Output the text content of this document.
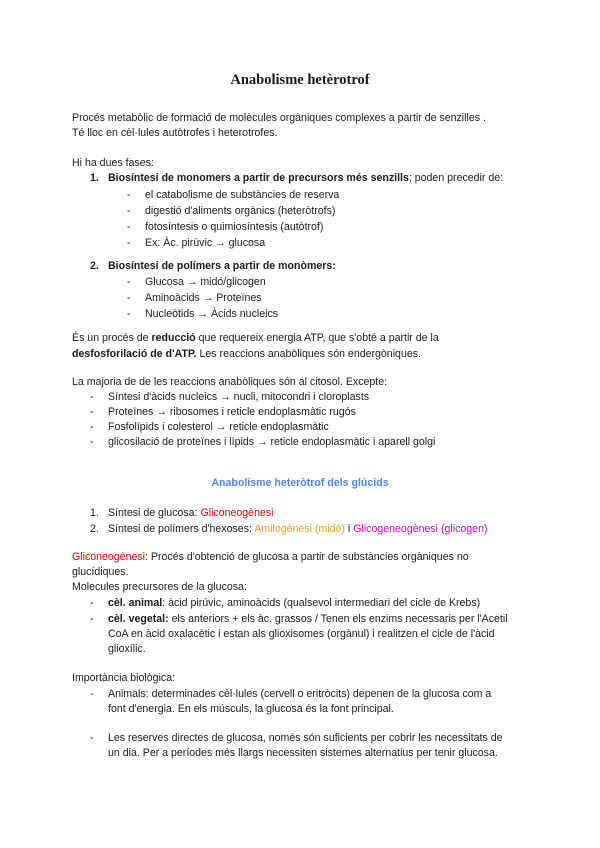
Anabolisme hetèrotrof
Procés metabòlic de formació de molècules orgàniques complexes a partir de senzilles .
Té lloc en cèl·lules autòtrofes i heterotrofes.
Hi ha dues fases:
1. Biosíntesi de monomers a partir de precursors més senzills; poden precedir de:
- el catabolisme de substàncies de reserva
- digestió d'aliments orgànics (heteròtrofs)
- fotosíntesis o quimiosíntesis (autòtrof)
- Ex: Àc. pirúvic → glucosa
2. Biosíntesi de polímers a partir de monòmers:
- Glucosa → midó/glicogen
- Aminoàcids → Proteïnes
- Nucleòtids → Àcids nucleics
És un procés de reducció que requereix energia ATP, que s'obté a partir de la
desfosforilació de d'ATP. Les reaccions anabòliques són endergòniques.
La majoria de de les reaccions anabòliques són al citosol. Excepte:
- Síntesi d'àcids nucleics → nucli, mitocondri i cloroplasts
- Proteïnes → ribosomes i reticle endoplasmàtic rugós
- Fosfolípids i colesterol → reticle endoplasmàtic
- glicosilació de proteïnes i lípids → reticle endoplasmàtic i aparell golgi
Anabolisme heteròtrof dels glúcids
1. Síntesi de glucosa: Gliconeogènesi
2. Síntesi de polímers d'hexoses: Amilogènesi (midó) i Glicogeneogènesi (glicogen)
Gliconeogènesi: Procés d'obtenció de glucosa a partir de substàncies orgàniques no
glucídiques.
Molecules precursores de la glucosa:
- cèl. animal: àcid pirúvic, aminoàcids (qualsevol intermediari del cicle de Krebs)
- cèl. vegetal: els anteriors + els àc. grassos / Tenen els enzims necessaris per l'Acetil
CoA en àcid oxalacètic i estan als glioxisomes (orgànul) i realitzen el cicle de l'àcid
glioxílic.
Importància biològica:
- Animals: determinades cèl·lules (cervell o eritròcits) depenen de la glucosa com a
font d'energia. En els músculs, la glucosa és la font principal.
- Les reserves directes de glucosa, només són suficients per cobrir les necessitats de
un dia. Per a períodes més llargs necessiten sistemes alternatius per tenir glucosa.
